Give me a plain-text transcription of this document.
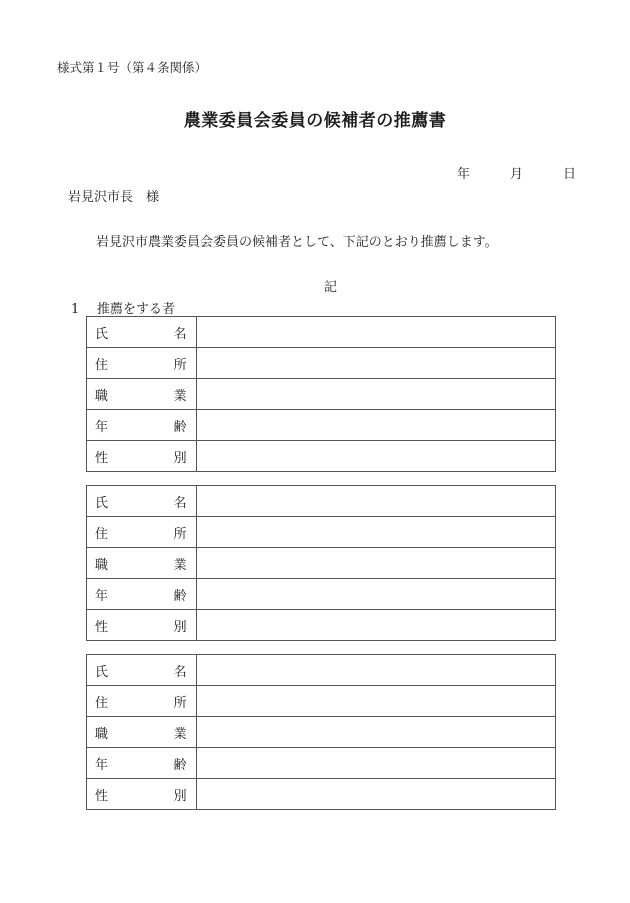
様式第１号（第４条関係）
農業委員会委員の候補者の推薦書
年	月	日
岩見沢市長　様
岩見沢市農業委員会委員の候補者として、下記のとおり推薦します。
記
1 推薦をする者
氏 名	

住 所	

職 業	

年 齢	

性 別	

氏 名	

住 所	

職 業	

年 齢	

性 別	

氏 名	

住 所	

職 業	

年 齢	

性 別	
